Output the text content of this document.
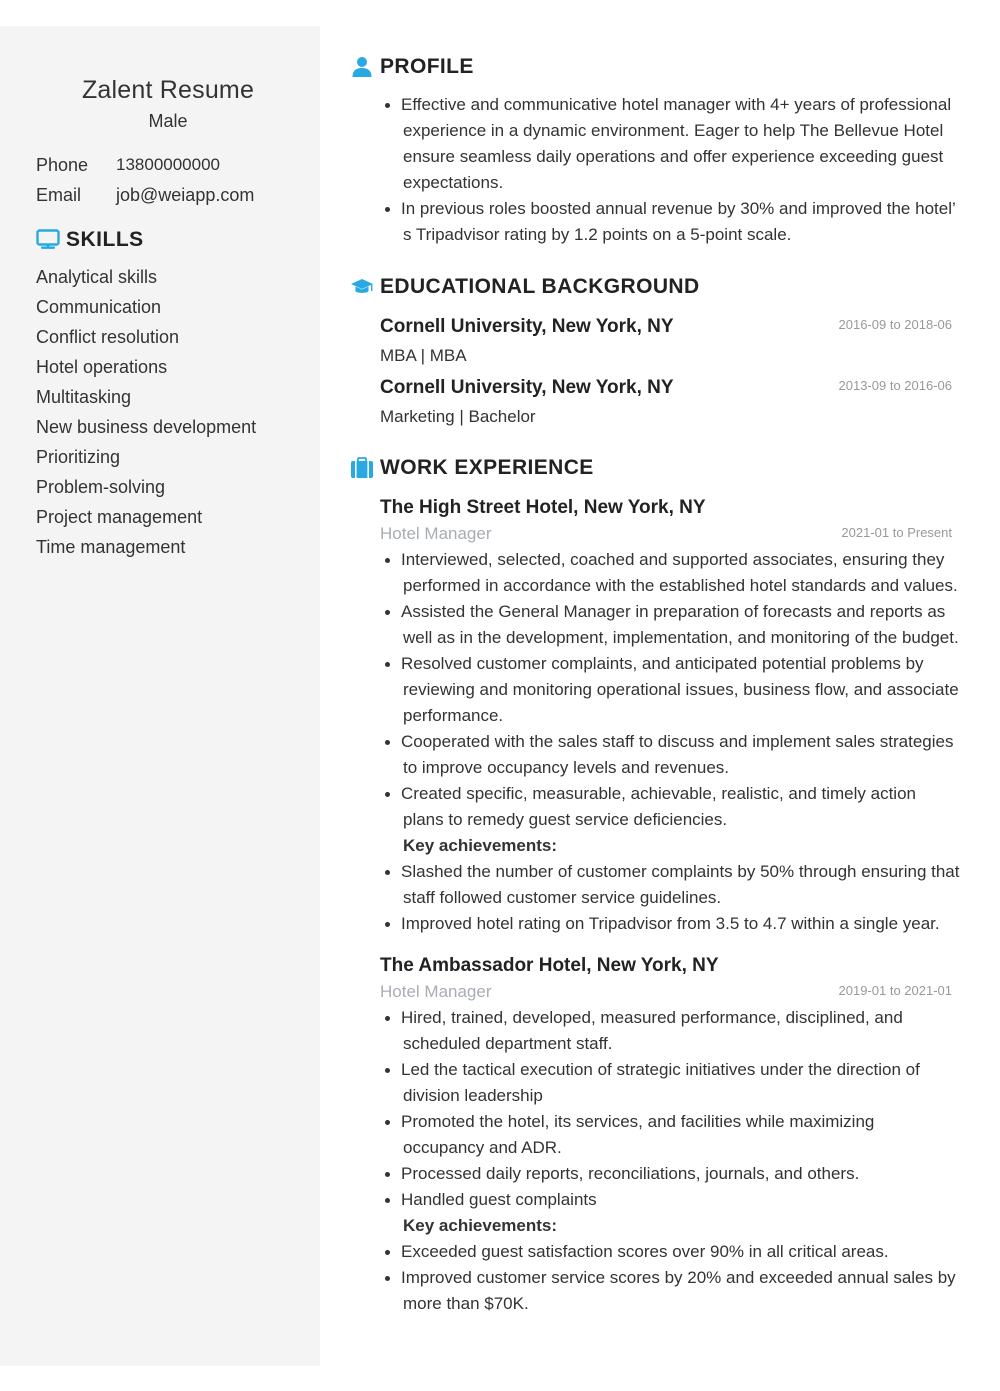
Zalent Resume
Male
Phone	13800000000
Email	job@weiapp.com
SKILLS
Analytical skills
Communication
Conflict resolution
Hotel operations
Multitasking
New business development
Prioritizing
Problem-solving
Project management
Time management
PROFILE
Effective and communicative hotel manager with 4+ years of professional experience in a dynamic environment. Eager to help The Bellevue Hotel ensure seamless daily operations and offer experience exceeding guest expectations.
In previous roles boosted annual revenue by 30% and improved the hotel’ s Tripadvisor rating by 1.2 points on a 5-point scale.
EDUCATIONAL BACKGROUND
2016-09 to 2018-06
Cornell University, New York, NY
MBA | MBA
2013-09 to 2016-06
Cornell University, New York, NY
Marketing | Bachelor
WORK EXPERIENCE
The High Street Hotel, New York, NY
Hotel Manager	2021-01 to Present
Interviewed, selected, coached and supported associates, ensuring they performed in accordance with the established hotel standards and values.
Assisted the General Manager in preparation of forecasts and reports as well as in the development, implementation, and monitoring of the budget.
Resolved customer complaints, and anticipated potential problems by reviewing and monitoring operational issues, business flow, and associate performance.
Cooperated with the sales staff to discuss and implement sales strategies to improve occupancy levels and revenues.
Created specific, measurable, achievable, realistic, and timely action plans to remedy guest service deficiencies.
Key achievements:
Slashed the number of customer complaints by 50% through ensuring that staff followed customer service guidelines.
Improved hotel rating on Tripadvisor from 3.5 to 4.7 within a single year.
The Ambassador Hotel, New York, NY
Hotel Manager	2019-01 to 2021-01
Hired, trained, developed, measured performance, disciplined, and scheduled department staff.
Led the tactical execution of strategic initiatives under the direction of division leadership
Promoted the hotel, its services, and facilities while maximizing occupancy and ADR.
Processed daily reports, reconciliations, journals, and others.
Handled guest complaints
Key achievements:
Exceeded guest satisfaction scores over 90% in all critical areas.
Improved customer service scores by 20% and exceeded annual sales by more than $70K.
